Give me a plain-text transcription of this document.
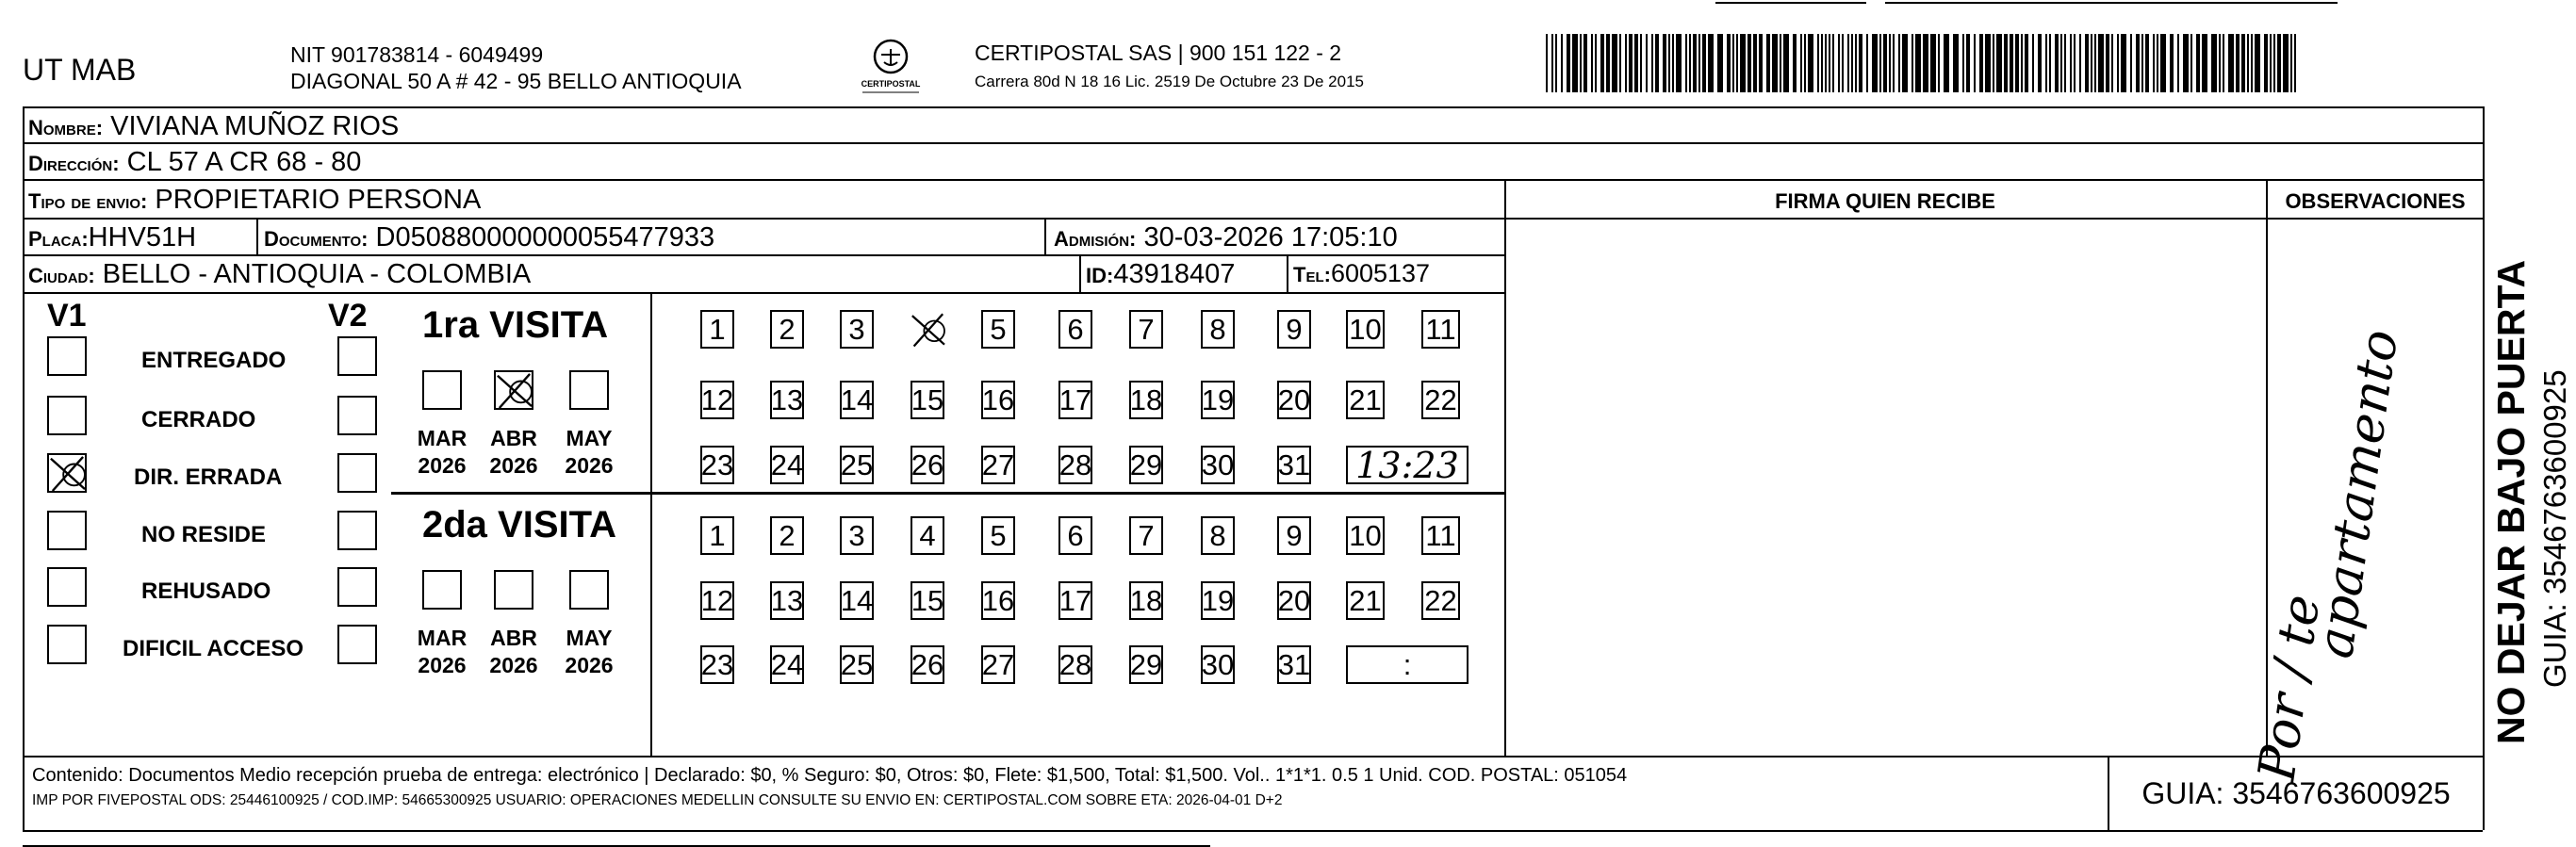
UT MAB	NIT 901783814 - 6049499
DIAGONAL 50 A # 42 - 95 BELLO ANTIOQUIA	CERTIPOSTAL
CERTIPOSTAL SAS | 900 151 122 - 2
Carrera 80d N 18 16 Lic. 2519 De Octubre 23 De 2015
Nombre: VIVIANA MUÑOZ RIOS
Dirección: CL 57 A CR 68 - 80
Tipo de envio: PROPIETARIO PERSONA
Placa:HHV51H	Documento: D050880000000055477933	Admisión: 30-03-2026 17:05:10
Ciudad: BELLO - ANTIOQUIA - COLOMBIA	ID:43918407	Tel:6005137
FIRMA QUIEN RECIBE	OBSERVACIONES
Por / te
apartamento
V1	V2 1ra VISITA
2da VISITA
Contenido: Documentos Medio recepción prueba de entrega: electrónico | Declarado: $0, % Seguro: $0, Otros: $0, Flete: $1,500, Total: $1,500. Vol.. 1*1*1. 0.5 1 Unid. COD. POSTAL: 051054
IMP POR FIVEPOSTAL ODS: 25446100925 / COD.IMP: 54665300925 USUARIO: OPERACIONES MEDELLIN CONSULTE SU ENVIO EN: CERTIPOSTAL.COM SOBRE ETA: 2026-04-01 D+2	GUIA: 3546763600925
NO DEJAR BAJO PUERTA GUIA: 3546763600925
ENTREGADO
CERRADO
DIR. ERRADA
NO RESIDE
REHUSADO
DIFICIL ACCESO
MAR
2026
ABR
2026
MAY
2026
MAR
2026
ABR
2026
MAY
2026
1 2 3	5 6 7 8 9 10 11
12 13 14 15 16 17 18 19 20 21 22
23 24 25 26 27 28 29 30 31 13:23
1 2 3 4 5 6 7 8 9 10 11
12 13 14 15 16 17 18 19 20 21 22
23 24 25 26 27 28 29 30 31	:
